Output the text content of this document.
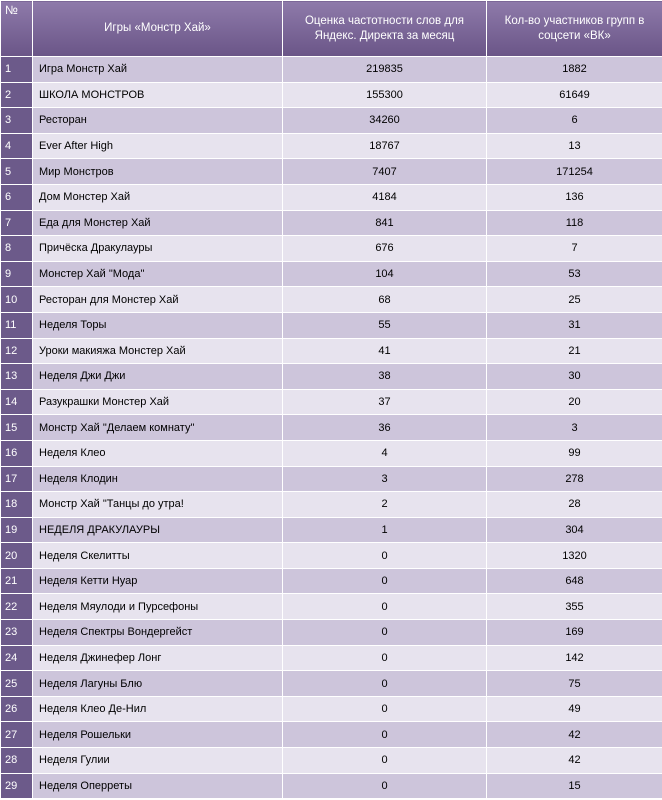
№	Игры «Монстр Хай»	Оценка частотности слов для Яндекс. Директа за месяц	Кол-во участников групп в соцсети «ВК»
1	Игра Монстр Хай	219835	1882
2	ШКОЛА МОНСТРОВ	155300	61649
3	Ресторан	34260	6
4	Ever After High	18767	13
5	Мир Монстров	7407	171254
6	Дом Монстер Хай	4184	136
7	Еда для Монстер Хай	841	118
8	Причёска Дракулауры	676	7
9	Монстер Хай "Мода"	104	53
10	Ресторан для Монстер Хай	68	25
11	Неделя Торы	55	31
12	Уроки макияжа Монстер Хай	41	21
13	Неделя Джи Джи	38	30
14	Разукрашки Монстер Хай	37	20
15	Монстр Хай "Делаем комнату"	36	3
16	Неделя Клео	4	99
17	Неделя Клодин	3	278
18	Монстр Хай "Танцы до утра!	2	28
19	НЕДЕЛЯ ДРАКУЛАУРЫ	1	304
20	Неделя Скелитты	0	1320
21	Неделя Кетти Нуар	0	648
22	Неделя Мяулоди и Пурсефоны	0	355
23	Неделя Спектры Вондергейст	0	169
24	Неделя Джинефер Лонг	0	142
25	Неделя Лагуны Блю	0	75
26	Неделя Клео Де-Нил	0	49
27	Неделя Рошельки	0	42
28	Неделя Гулии	0	42
29	Неделя Оперреты	0	15
